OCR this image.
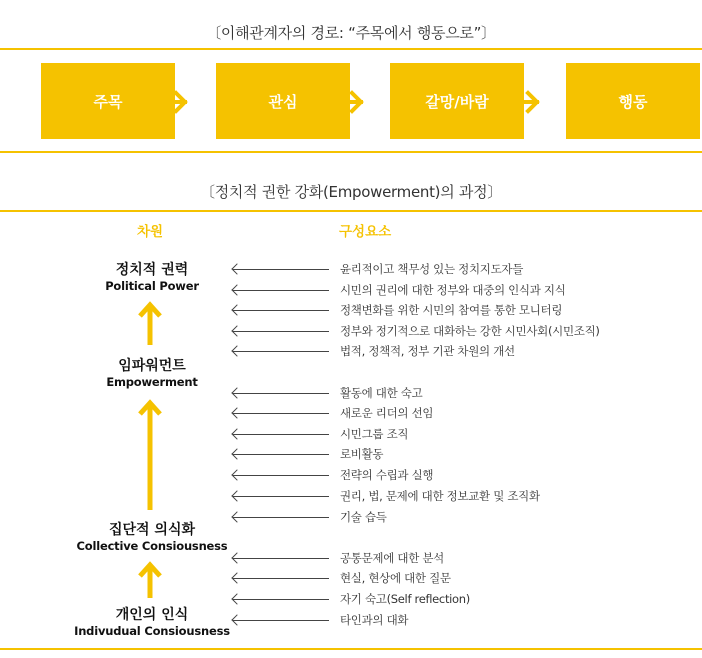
〔이해관계자의 경로: “주목에서 행동으로”〕
주목	관심	갈망/바람	행동
〔정치적 권한 강화(Empowerment)의 과정〕
차원	구성요소
정치적 권력
Political Power
임파워먼트
Empowerment
집단적 의식화
Collective Consiousness
개인의 인식
Indivudual Consiousness
윤리적이고 책무성 있는 정치지도자들
시민의 권리에 대한 정부와 대중의 인식과 지식
정책변화를 위한 시민의 참여를 통한 모니터링
정부와 정기적으로 대화하는 강한 시민사회(시민조직)
법적, 정책적, 정부 기관 차원의 개선
활동에 대한 숙고
새로운 리더의 선임
시민그룹 조직
로비활동
전략의 수립과 실행
권리, 법, 문제에 대한 정보교환 및 조직화
기술 습득
공통문제에 대한 분석
현실, 현상에 대한 질문
자기 숙고(Self reflection)
타인과의 대화
